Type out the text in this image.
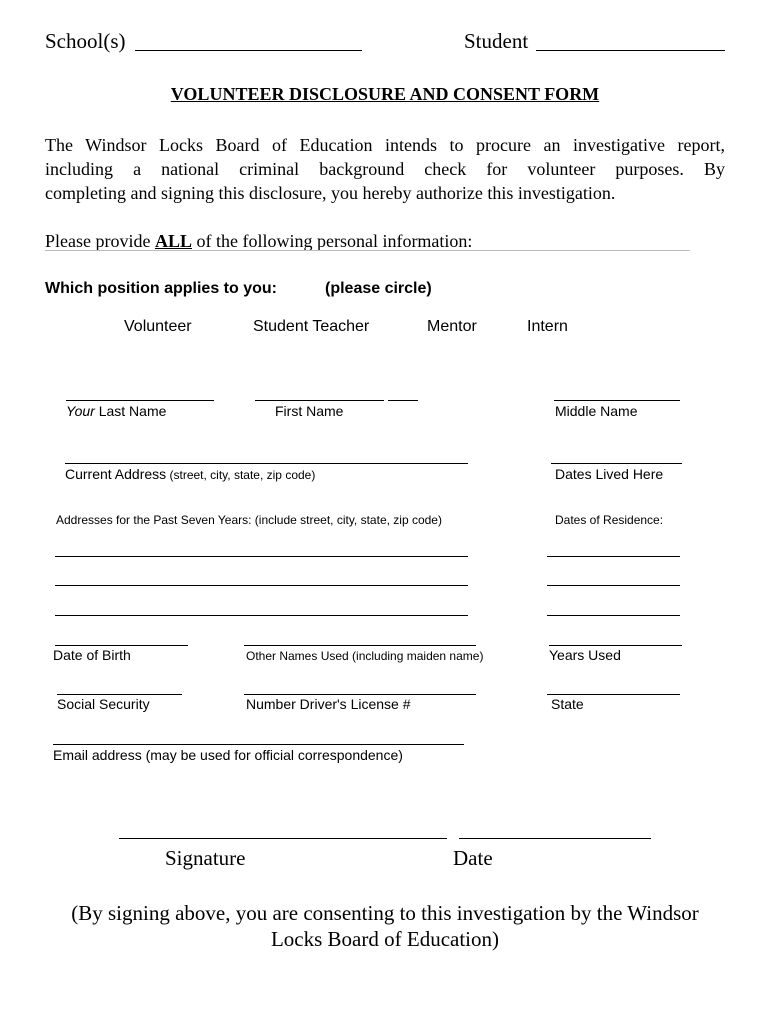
School(s)	Student
VOLUNTEER DISCLOSURE AND CONSENT FORM
The Windsor Locks Board of Education intends to procure an investigative report,
including a national criminal background check for volunteer purposes. By
completing and signing this disclosure, you hereby authorize this investigation.
Please provide ALL of the following personal information:
Which position applies to you:	(please circle)
Volunteer	Student Teacher	Mentor	Intern
Your Last Name	First Name	Middle Name
Current Address (street, city, state, zip code)	Dates Lived Here
Addresses for the Past Seven Years: (include street, city, state, zip code)	Dates of Residence:
Date of Birth	Other Names Used (including maiden name)	Years Used
Social Security	Number Driver's License #	State
Email address (may be used for official correspondence)
Signature	Date
(By signing above, you are consenting to this investigation by the Windsor
Locks Board of Education)
